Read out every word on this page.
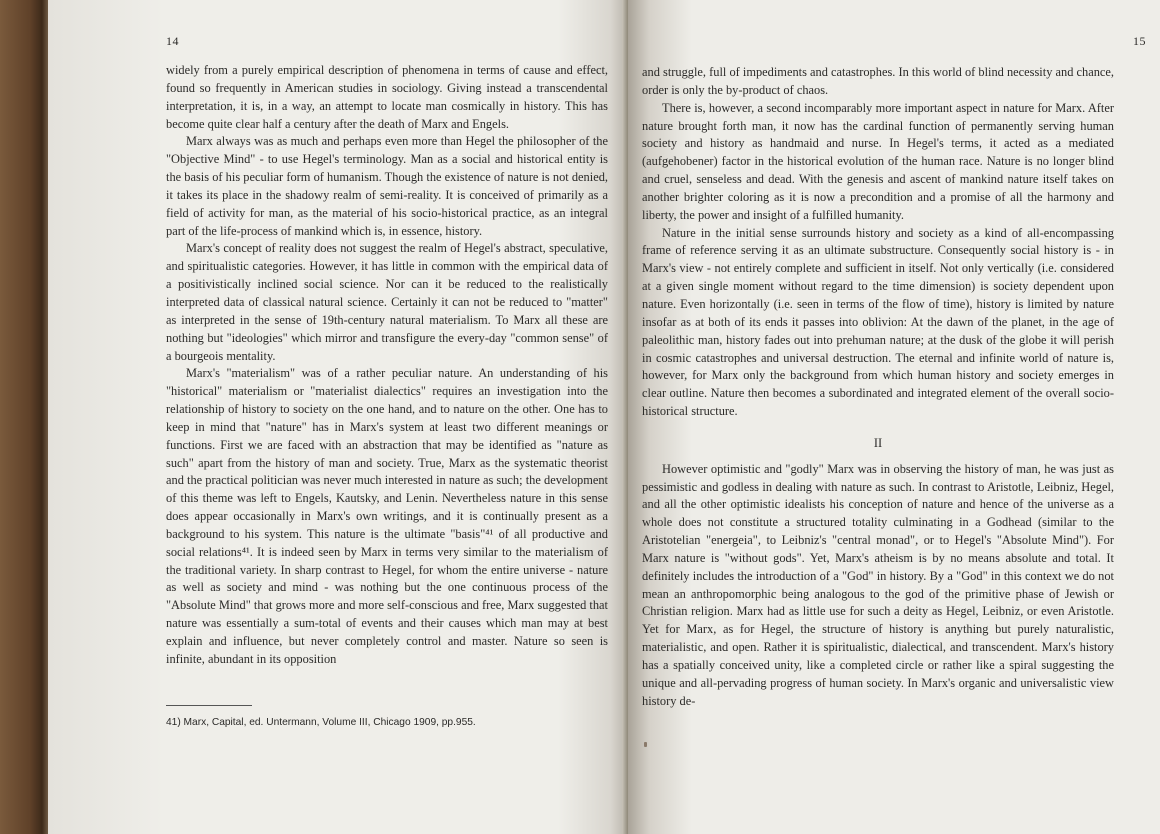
14

widely from a purely empirical description of phenomena in terms of cause and effect, found so frequently in American studies in sociology. Giving instead a transcendental interpretation, it is, in a way, an attempt to locate man cosmically in history. This has become quite clear half a century after the death of Marx and Engels.

Marx always was as much and perhaps even more than Hegel the philosopher of the "Objective Mind" - to use Hegel's terminology. Man as a social and historical entity is the basis of his peculiar form of humanism. Though the existence of nature is not denied, it takes its place in the shadowy realm of semi-reality. It is conceived of primarily as a field of activity for man, as the material of his socio-historical practice, as an integral part of the life-process of mankind which is, in essence, history.

Marx's concept of reality does not suggest the realm of Hegel's abstract, speculative, and spiritualistic categories. However, it has little in common with the empirical data of a positivistically inclined social science. Nor can it be reduced to the realistically interpreted data of classical natural science. Certainly it can not be reduced to "matter" as interpreted in the sense of 19th-century natural materialism. To Marx all these are nothing but "ideologies" which mirror and transfigure the every-day "common sense" of a bourgeois mentality.

Marx's "materialism" was of a rather peculiar nature. An understanding of his "historical" materialism or "materialist dialectics" requires an investigation into the relationship of history to society on the one hand, and to nature on the other. One has to keep in mind that "nature" has in Marx's system at least two different meanings or functions. First we are faced with an abstraction that may be identified as "nature as such" apart from the history of man and society. True, Marx as the systematic theorist and the practical politician was never much interested in nature as such; the development of this theme was left to Engels, Kautsky, and Lenin. Nevertheless nature in this sense does appear occasionally in Marx's own writings, and it is continually present as a background to his system. This nature is the ultimate "basis"⁴¹ of all productive and social relations⁴¹. It is indeed seen by Marx in terms very similar to the materialism of the traditional variety. In sharp contrast to Hegel, for whom the entire universe - nature as well as society and mind - was nothing but the one continuous process of the "Absolute Mind" that grows more and more self-conscious and free, Marx suggested that nature was essentially a sum-total of events and their causes which man may at best explain and influence, but never completely control and master. Nature so seen is infinite, abundant in its opposition

41) Marx, Capital, ed. Untermann, Volume III, Chicago 1909, pp.955.
15

and struggle, full of impediments and catastrophes. In this world of blind necessity and chance, order is only the by-product of chaos.

There is, however, a second incomparably more important aspect in nature for Marx. After nature brought forth man, it now has the cardinal function of permanently serving human society and history as handmaid and nurse. In Hegel's terms, it acted as a mediated (aufgehobener) factor in the historical evolution of the human race. Nature is no longer blind and cruel, senseless and dead. With the genesis and ascent of mankind nature itself takes on another brighter coloring as it is now a precondition and a promise of all the harmony and liberty, the power and insight of a fulfilled humanity.

Nature in the initial sense surrounds history and society as a kind of all-encompassing frame of reference serving it as an ultimate substructure. Consequently social history is - in Marx's view - not entirely complete and sufficient in itself. Not only vertically (i.e. considered at a given single moment without regard to the time dimension) is society dependent upon nature. Even horizontally (i.e. seen in terms of the flow of time), history is limited by nature insofar as at both of its ends it passes into oblivion: At the dawn of the planet, in the age of paleolithic man, history fades out into prehuman nature; at the dusk of the globe it will perish in cosmic catastrophes and universal destruction. The eternal and infinite world of nature is, however, for Marx only the background from which human history and society emerges in clear outline. Nature then becomes a subordinated and integrated element of the overall socio-historical structure.

II

However optimistic and "godly" Marx was in observing the history of man, he was just as pessimistic and godless in dealing with nature as such. In contrast to Aristotle, Leibniz, Hegel, and all the other optimistic idealists his conception of nature and hence of the universe as a whole does not constitute a structured totality culminating in a Godhead (similar to the Aristotelian "energeia", to Leibniz's "central monad", or to Hegel's "Absolute Mind"). For Marx nature is "without gods". Yet, Marx's atheism is by no means absolute and total. It definitely includes the introduction of a "God" in history. By a "God" in this context we do not mean an anthropomorphic being analogous to the god of the primitive phase of Jewish or Christian religion. Marx had as little use for such a deity as Hegel, Leibniz, or even Aristotle. Yet for Marx, as for Hegel, the structure of history is anything but purely naturalistic, materialistic, and open. Rather it is spiritualistic, dialectical, and transcendent. Marx's history has a spatially conceived unity, like a completed circle or rather like a spiral suggesting the unique and all-pervading progress of human society. In Marx's organic and universalistic view history de-
